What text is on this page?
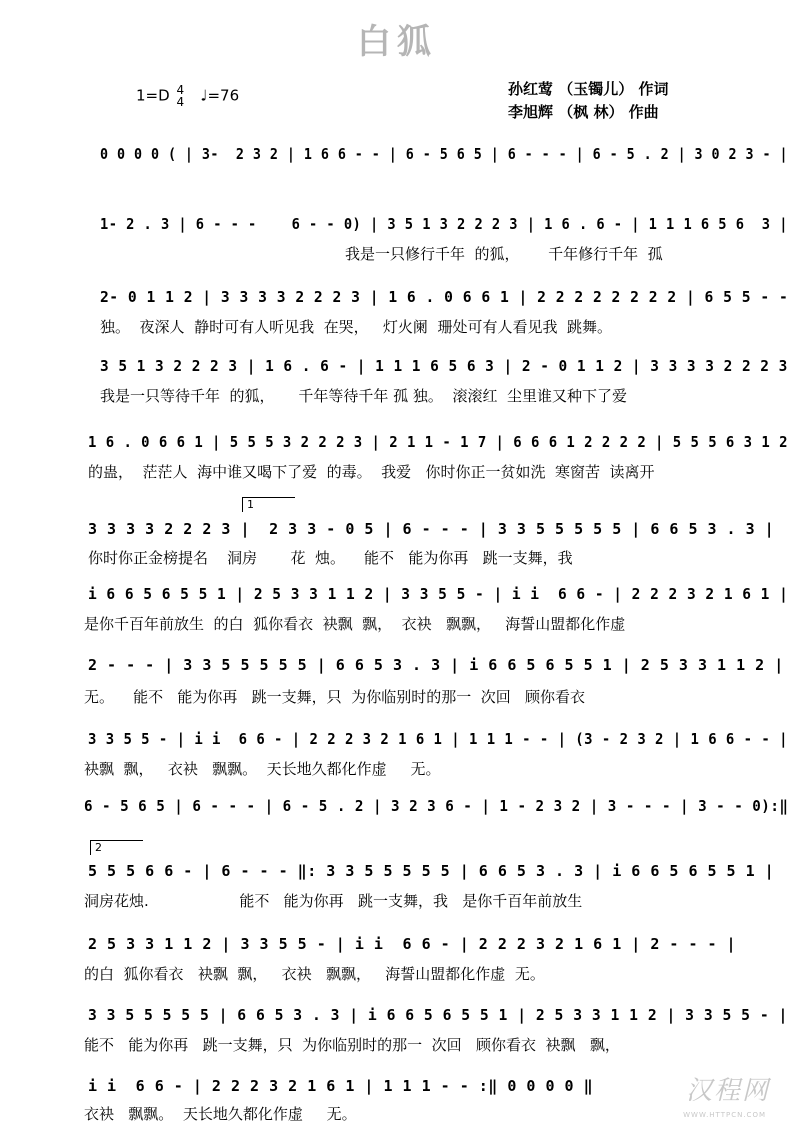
白狐
1=D 4
4 ♩=76	孙红莺 （玉镯儿） 作词
李旭辉 （枫 林） 作曲
1
2
0 0 0 0 ( | 3-  2 3 2 | 1 6 6 - - | 6 - 5 6 5 | 6 - - - | 6 - 5 . 2 | 3 0 2 3 - |
1- 2 . 3 | 6 - - -    6 - - 0) | 3 5 1 3 2 2 2 3 | 1 6 . 6 - | 1 1 1 6 5 6  3 |
我是一只修行千年  的狐，      千年修行千年  孤
2- 0 1 1 2 | 3 3 3 3 2 2 2 3 | 1 6 . 0 6 6 1 | 2 2 2 2 2 2 2 2 | 6 5 5 - -
独。  夜深人  静时可有人听见我  在哭，   灯火阑  珊处可有人看见我  跳舞。
3 5 1 3 2 2 2 3 | 1 6 . 6 - | 1 1 1 6 5 6 3 | 2 - 0 1 1 2 | 3 3 3 3 2 2 2 3
我是一只等待千年  的狐，     千年等待千年 孤 独。  滚滚红  尘里谁又种下了爱
1 6 . 0 6 6 1 | 5 5 5 3 2 2 2 3 | 2 1 1 - 1 7 | 6 6 6 1 2 2 2 2 | 5 5 5 6 3 1 2
的蛊，  茫茫人  海中谁又喝下了爱  的毒。  我爱   你时你正一贫如洗  寒窗苦  读离开
3 3 3 3 2 2 2 3 |  2 3 3 - 0 5 | 6 - - - | 3 3 5 5 5 5 5 | 6 6 5 3 . 3 |
你时你正金榜提名    洞房       花  烛。    能不   能为你再   跳一支舞，我
i 6 6 5 6 5 5 1 | 2 5 3 3 1 1 2 | 3 3 5 5 - | i i  6 6 - | 2 2 2 3 2 1 6 1 |
是你千百年前放生  的白  狐你看衣  袂飘  飘，  衣袂   飘飘，   海誓山盟都化作虚
2 - - - | 3 3 5 5 5 5 5 | 6 6 5 3 . 3 | i 6 6 5 6 5 5 1 | 2 5 3 3 1 1 2 |
无。    能不   能为你再   跳一支舞，只  为你临别时的那一  次回   顾你看衣
3 3 5 5 - | i i  6 6 - | 2 2 2 3 2 1 6 1 | 1 1 1 - - | (3 - 2 3 2 | 1 6 6 - - |
袂飘  飘，   衣袂   飘飘。  天长地久都化作虚     无。
6 - 5 6 5 | 6 - - - | 6 - 5 . 2 | 3 2 3 6 - | 1 - 2 3 2 | 3 - - - | 3 - - 0):‖
5 5 5 6 6 - | 6 - - - ‖: 3 3 5 5 5 5 5 | 6 6 5 3 . 3 | i 6 6 5 6 5 5 1 |
洞房花烛.                   能不   能为你再   跳一支舞，我   是你千百年前放生
2 5 3 3 1 1 2 | 3 3 5 5 - | i i  6 6 - | 2 2 2 3 2 1 6 1 | 2 - - - |
的白  狐你看衣   袂飘  飘，   衣袂   飘飘，   海誓山盟都化作虚  无。
3 3 5 5 5 5 5 | 6 6 5 3 . 3 | i 6 6 5 6 5 5 1 | 2 5 3 3 1 1 2 | 3 3 5 5 - |
能不   能为你再   跳一支舞，只  为你临别时的那一  次回   顾你看衣  袂飘   飘，
i i  6 6 - | 2 2 2 3 2 1 6 1 | 1 1 1 - - :‖ 0 0 0 0 ‖
衣袂   飘飘。  天长地久都化作虚     无。
汉程网
WWW.HTTPCN.COM
